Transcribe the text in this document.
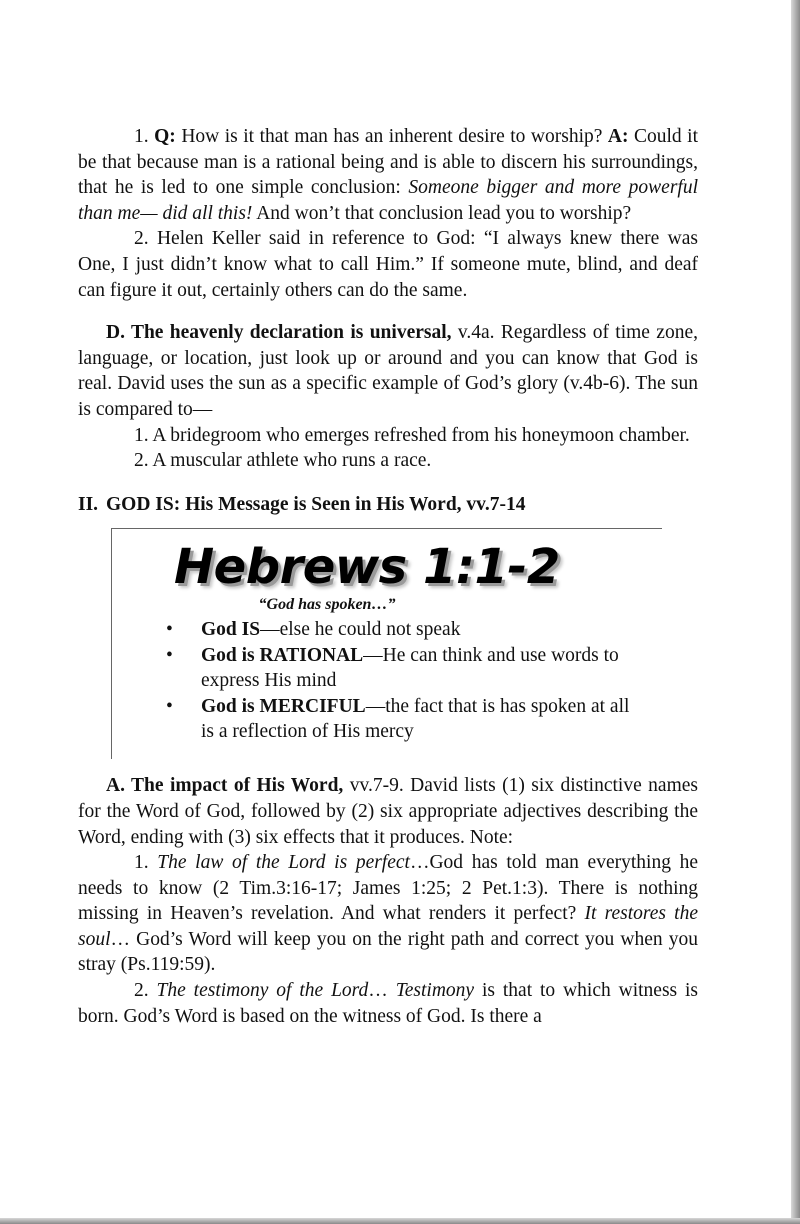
1. Q: How is it that man has an inherent desire to worship? A: Could it be that because man is a rational being and is able to discern his surroundings, that he is led to one simple conclusion: Someone bigger and more powerful than me— did all this! And won’t that conclusion lead you to worship?

2. Helen Keller said in reference to God: “I always knew there was One, I just didn’t know what to call Him.” If someone mute, blind, and deaf can figure it out, certainly others can do the same.

D. The heavenly declaration is universal, v.4a. Regardless of time zone, language, or location, just look up or around and you can know that God is real. David uses the sun as a specific example of God’s glory (v.4b-6). The sun is compared to—

1. A bridegroom who emerges refreshed from his honeymoon chamber.

2. A muscular athlete who runs a race.

II. GOD IS: His Message is Seen in His Word, vv.7-14

Hebrews 1:1-2
“God has spoken…”
• God IS—else he could not speak
• God is RATIONAL—He can think and use words to express His mind
• God is MERCIFUL—the fact that is has spoken at all is a reflection of His mercy

A. The impact of His Word, vv.7-9. David lists (1) six distinctive names for the Word of God, followed by (2) six appropriate adjectives describing the Word, ending with (3) six effects that it produces. Note:

1. The law of the Lord is perfect…God has told man everything he needs to know (2 Tim.3:16-17; James 1:25; 2 Pet.1:3). There is nothing missing in Heaven’s revelation. And what renders it perfect? It restores the soul… God’s Word will keep you on the right path and correct you when you stray (Ps.119:59).

2. The testimony of the Lord… Testimony is that to which witness is born. God’s Word is based on the witness of God. Is there a
